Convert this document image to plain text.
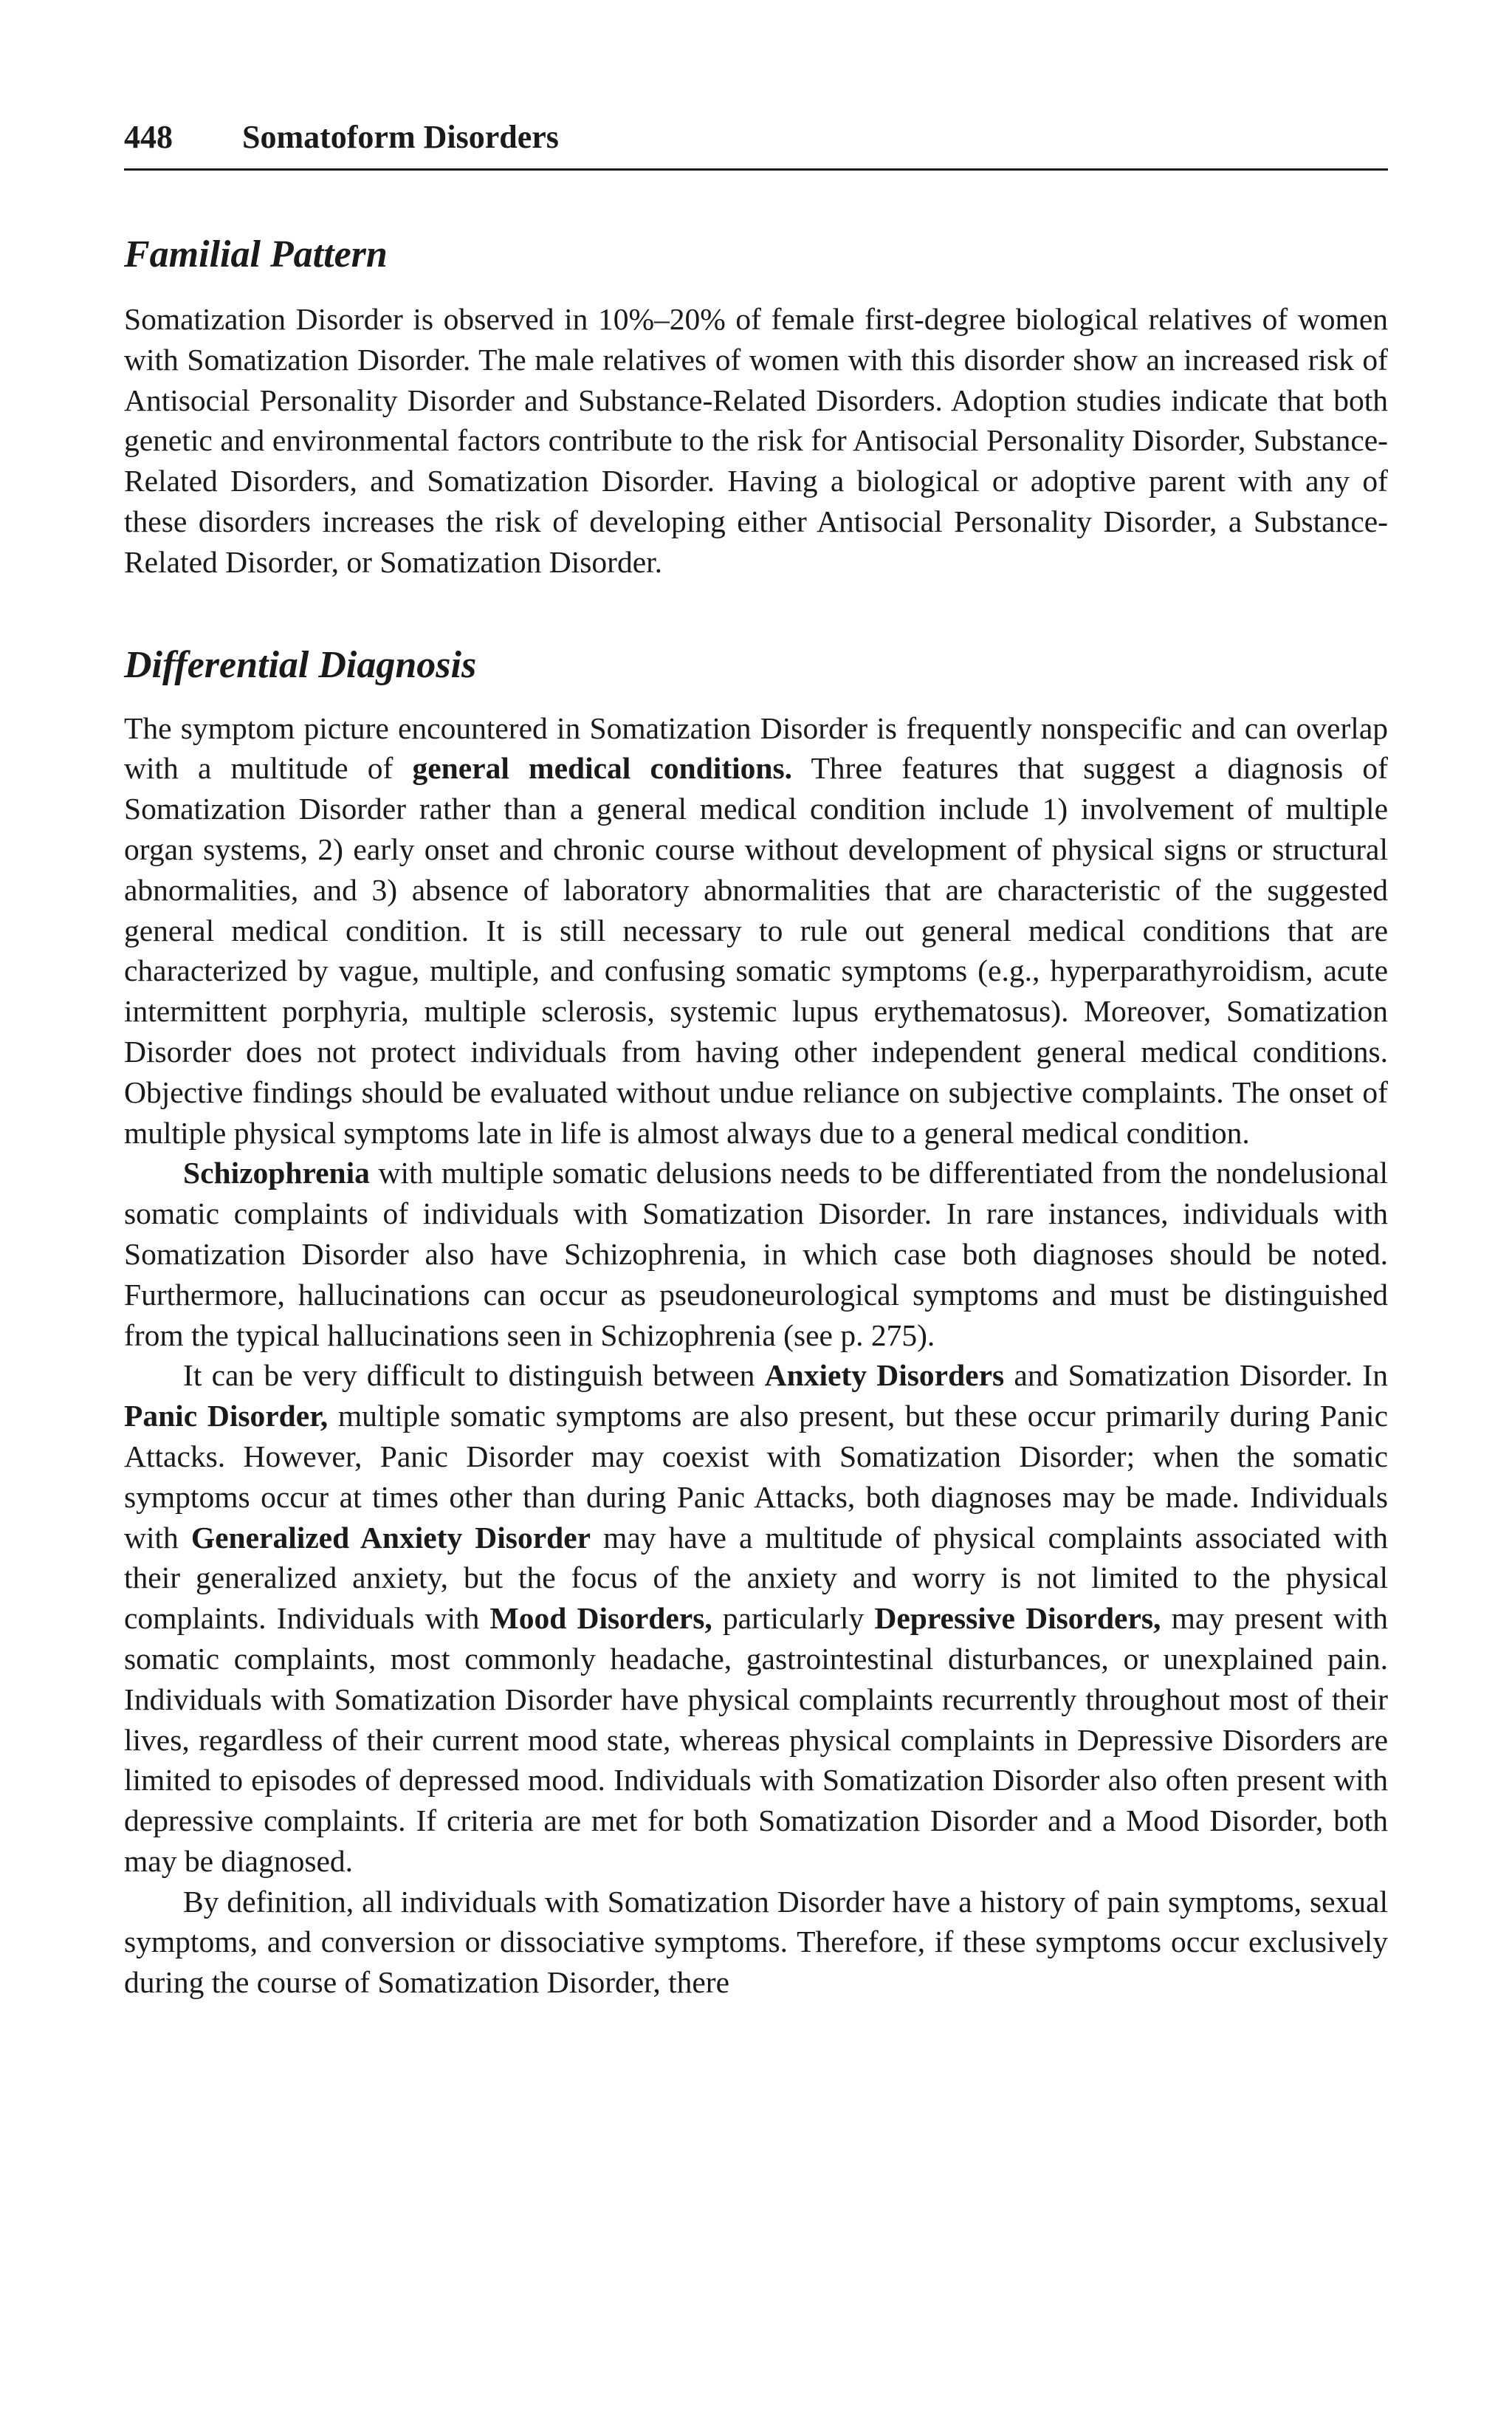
448 Somatoform Disorders
Familial Pattern

Somatization Disorder is observed in 10%–20% of female first-degree biological relatives of women with Somatization Disorder. The male relatives of women with this disorder show an increased risk of Antisocial Personality Disorder and Substance-Related Disorders. Adoption studies indicate that both genetic and environmental factors contribute to the risk for Antisocial Personality Disorder, Substance-Related Disorders, and Somatization Disorder. Having a biological or adoptive parent with any of these disorders increases the risk of developing either Antisocial Personality Disorder, a Substance-Related Disorder, or Somatization Disorder.

Differential Diagnosis

The symptom picture encountered in Somatization Disorder is frequently nonspecific and can overlap with a multitude of general medical conditions. Three features that suggest a diagnosis of Somatization Disorder rather than a general medical condition include 1) involvement of multiple organ systems, 2) early onset and chronic course without development of physical signs or structural abnormalities, and 3) absence of laboratory abnormalities that are characteristic of the suggested general medical condition. It is still necessary to rule out general medical conditions that are characterized by vague, multiple, and confusing somatic symptoms (e.g., hyperparathyroidism, acute intermittent porphyria, multiple sclerosis, systemic lupus erythematosus). Moreover, Somatization Disorder does not protect individuals from having other independent general medical conditions. Objective findings should be evaluated without undue reliance on subjective complaints. The onset of multiple physical symptoms late in life is almost always due to a general medical condition.

Schizophrenia with multiple somatic delusions needs to be differentiated from the nondelusional somatic complaints of individuals with Somatization Disorder. In rare instances, individuals with Somatization Disorder also have Schizophrenia, in which case both diagnoses should be noted. Furthermore, hallucinations can occur as pseudoneurological symptoms and must be distinguished from the typical hallucinations seen in Schizophrenia (see p. 275).

It can be very difficult to distinguish between Anxiety Disorders and Somatization Disorder. In Panic Disorder, multiple somatic symptoms are also present, but these occur primarily during Panic Attacks. However, Panic Disorder may coexist with Somatization Disorder; when the somatic symptoms occur at times other than during Panic Attacks, both diagnoses may be made. Individuals with Generalized Anxiety Disorder may have a multitude of physical complaints associated with their generalized anxiety, but the focus of the anxiety and worry is not limited to the physical complaints. Individuals with Mood Disorders, particularly Depressive Disorders, may present with somatic complaints, most commonly headache, gastrointestinal disturbances, or unexplained pain. Individuals with Somatization Disorder have physical complaints recurrently throughout most of their lives, regardless of their current mood state, whereas physical complaints in Depressive Disorders are limited to episodes of depressed mood. Individuals with Somatization Disorder also often present with depressive complaints. If criteria are met for both Somatization Disorder and a Mood Disorder, both may be diagnosed.

By definition, all individuals with Somatization Disorder have a history of pain symptoms, sexual symptoms, and conversion or dissociative symptoms. Therefore, if these symptoms occur exclusively during the course of Somatization Disorder, there
